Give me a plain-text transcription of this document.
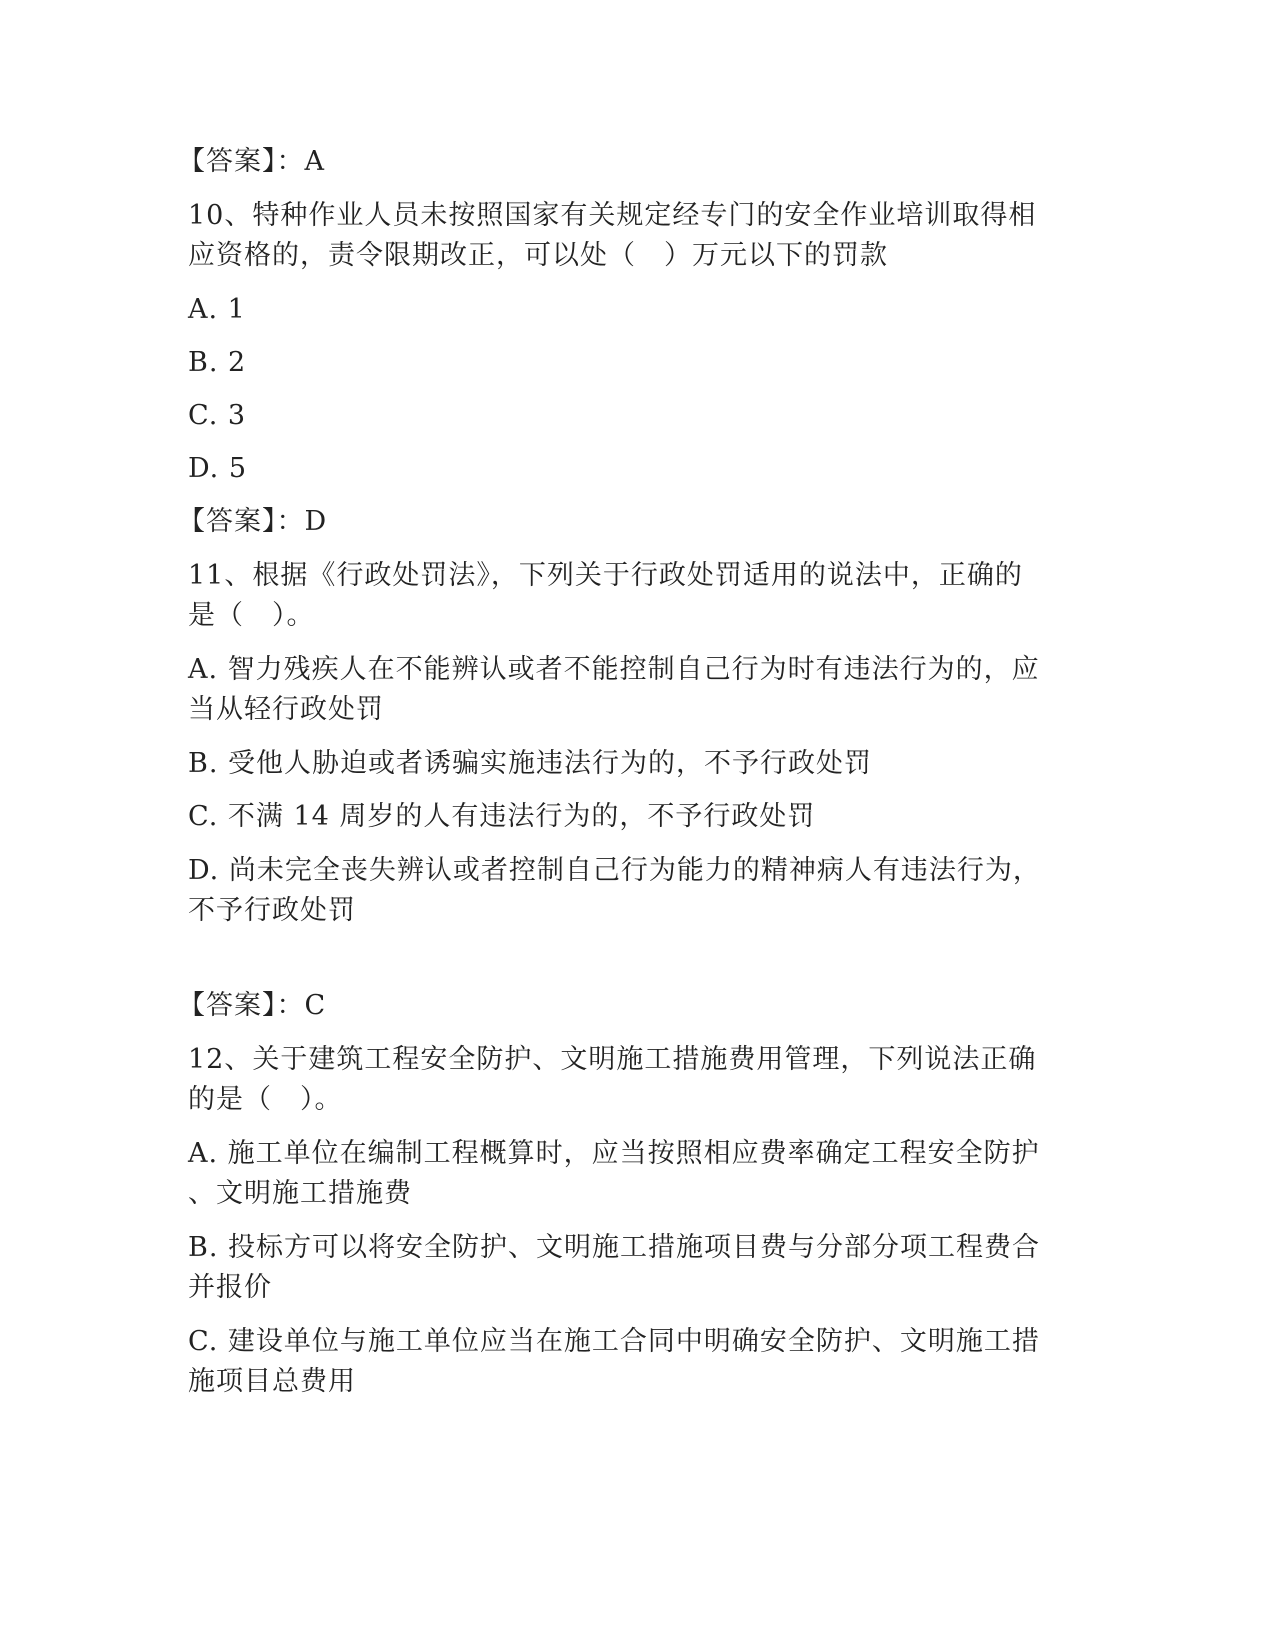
【答案】：A
10、特种作业人员未按照国家有关规定经专门的安全作业培训取得相
应资格的，责令限期改正，可以处（　）万元以下的罚款
A. 1
B. 2
C. 3
D. 5
【答案】：D
11、根据《行政处罚法》，下列关于行政处罚适用的说法中，正确的
是（　）。
A. 智力残疾人在不能辨认或者不能控制自己行为时有违法行为的，应
当从轻行政处罚
B. 受他人胁迫或者诱骗实施违法行为的，不予行政处罚
C. 不满 14 周岁的人有违法行为的，不予行政处罚
D. 尚未完全丧失辨认或者控制自己行为能力的精神病人有违法行为，
不予行政处罚
【答案】：C
12、关于建筑工程安全防护、文明施工措施费用管理，下列说法正确
的是（　）。
A. 施工单位在编制工程概算时，应当按照相应费率确定工程安全防护
、文明施工措施费
B. 投标方可以将安全防护、文明施工措施项目费与分部分项工程费合
并报价
C. 建设单位与施工单位应当在施工合同中明确安全防护、文明施工措
施项目总费用
